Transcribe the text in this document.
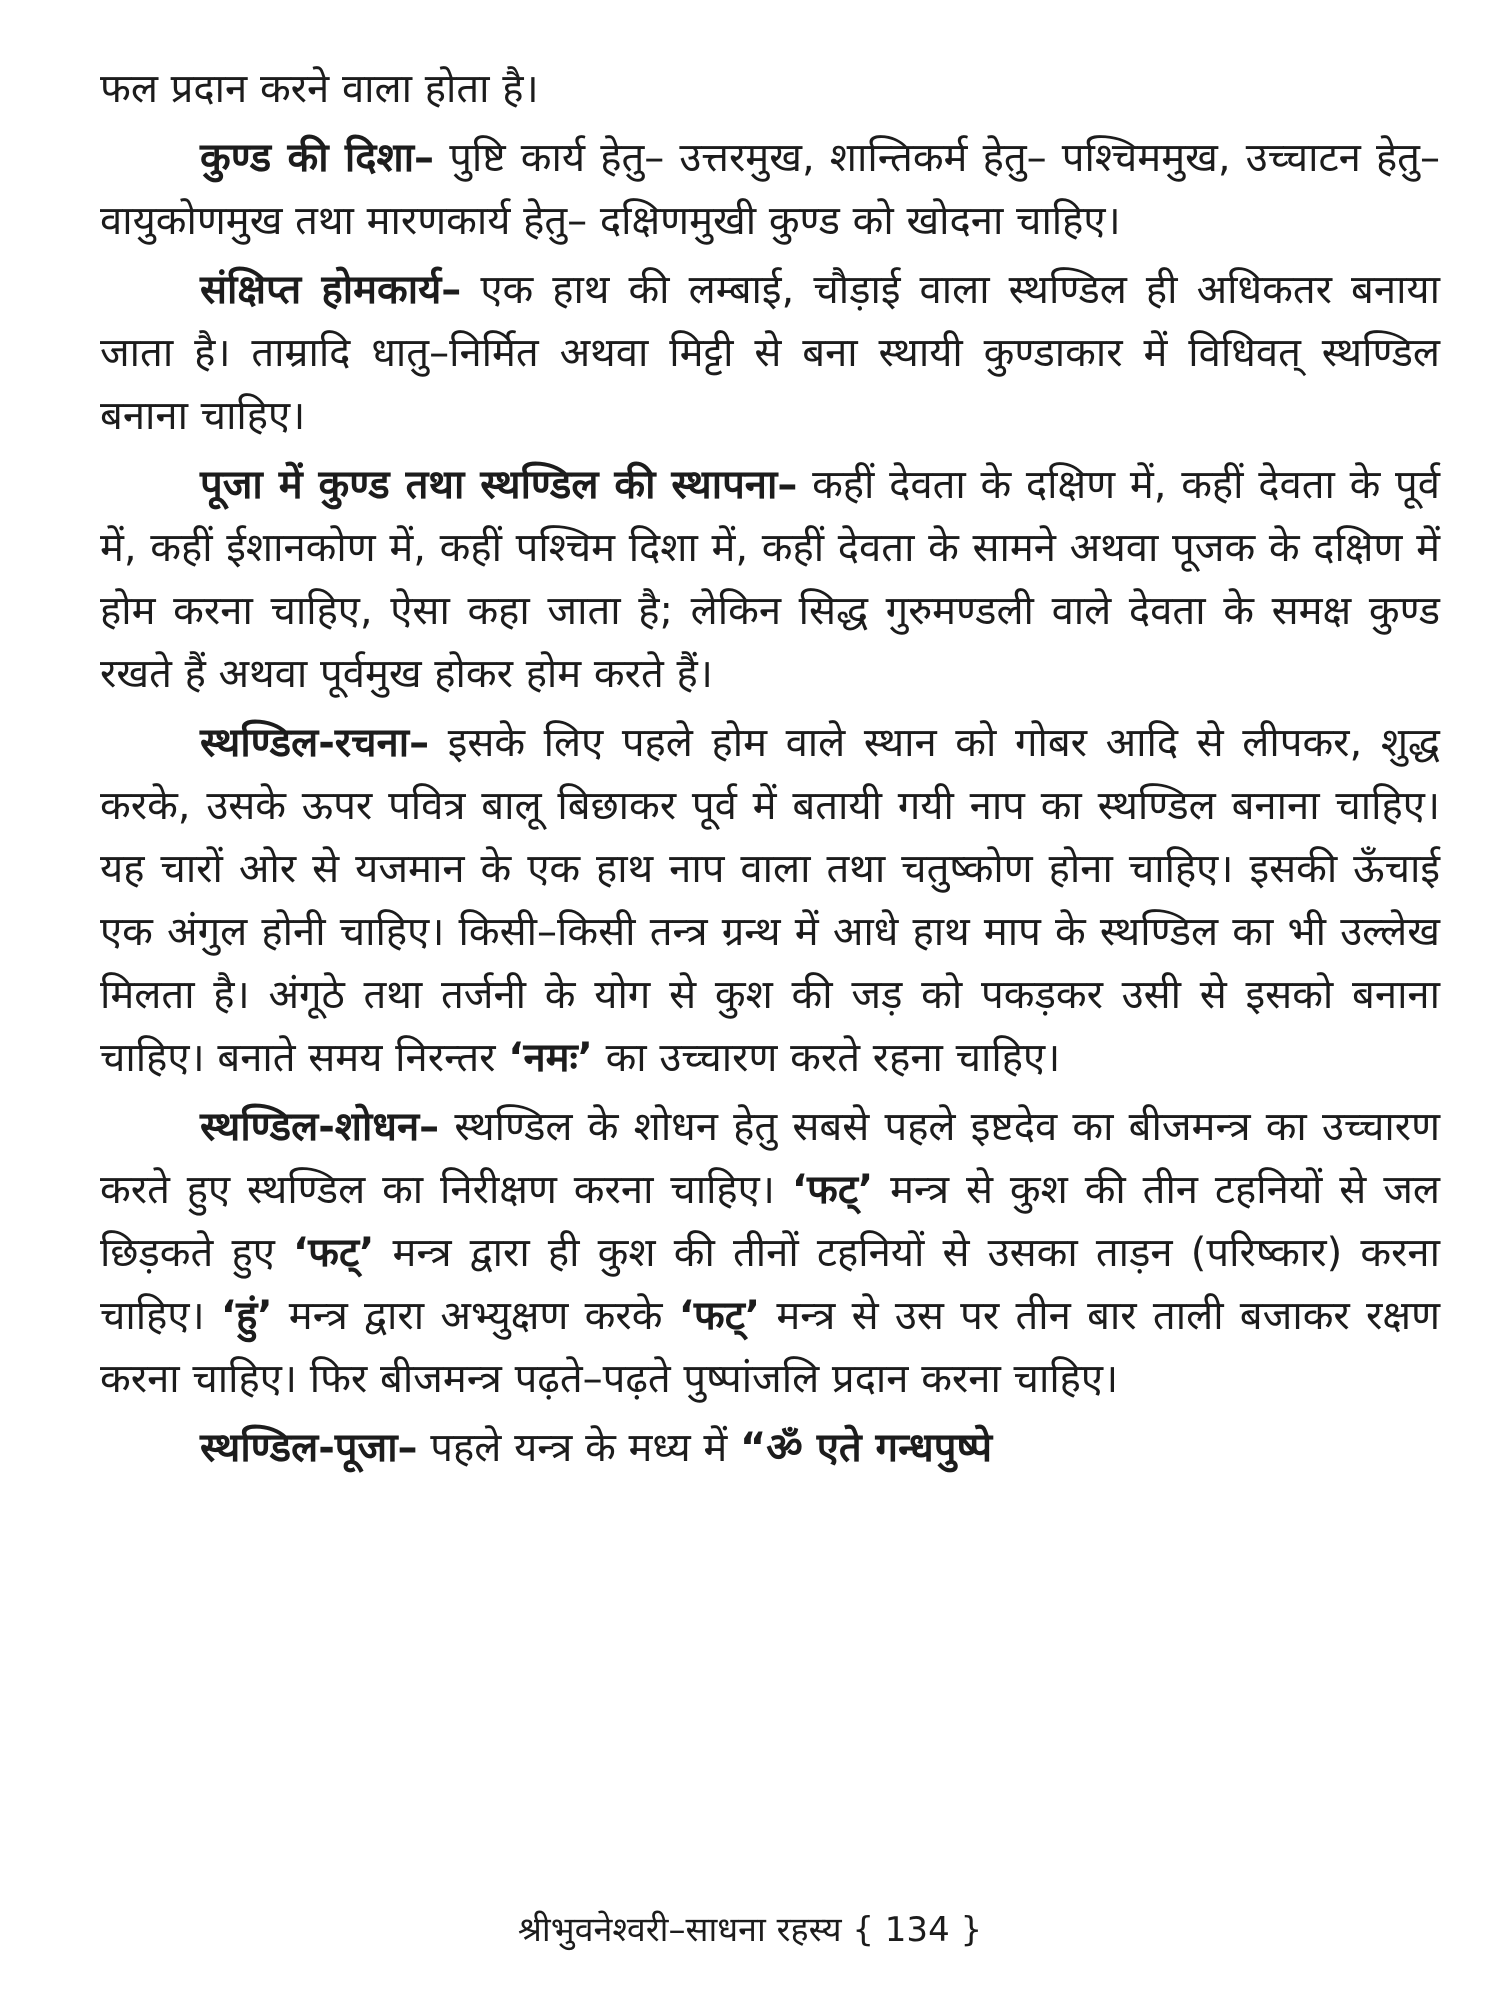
फल प्रदान करने वाला होता है।

कुण्ड की दिशा– पुष्टि कार्य हेतु– उत्तरमुख, शान्तिकर्म हेतु– पश्चिममुख, उच्चाटन हेतु– वायुकोणमुख तथा मारणकार्य हेतु– दक्षिणमुखी कुण्ड को खोदना चाहिए।

संक्षिप्त होमकार्य– एक हाथ की लम्बाई, चौड़ाई वाला स्थण्डिल ही अधिकतर बनाया जाता है। ताम्रादि धातु–निर्मित अथवा मिट्टी से बना स्थायी कुण्डाकार में विधिवत् स्थण्डिल बनाना चाहिए।

पूजा में कुण्ड तथा स्थण्डिल की स्थापना– कहीं देवता के दक्षिण में, कहीं देवता के पूर्व में, कहीं ईशानकोण में, कहीं पश्चिम दिशा में, कहीं देवता के सामने अथवा पूजक के दक्षिण में होम करना चाहिए, ऐसा कहा जाता है; लेकिन सिद्ध गुरुमण्डली वाले देवता के समक्ष कुण्ड रखते हैं अथवा पूर्वमुख होकर होम करते हैं।

स्थण्डिल-रचना– इसके लिए पहले होम वाले स्थान को गोबर आदि से लीपकर, शुद्ध करके, उसके ऊपर पवित्र बालू बिछाकर पूर्व में बतायी गयी नाप का स्थण्डिल बनाना चाहिए। यह चारों ओर से यजमान के एक हाथ नाप वाला तथा चतुष्कोण होना चाहिए। इसकी ऊँचाई एक अंगुल होनी चाहिए। किसी–किसी तन्त्र ग्रन्थ में आधे हाथ माप के स्थण्डिल का भी उल्लेख मिलता है। अंगूठे तथा तर्जनी के योग से कुश की जड़ को पकड़कर उसी से इसको बनाना चाहिए। बनाते समय निरन्तर ‘नमः’ का उच्चारण करते रहना चाहिए।

स्थण्डिल-शोधन– स्थण्डिल के शोधन हेतु सबसे पहले इष्टदेव का बीजमन्त्र का उच्चारण करते हुए स्थण्डिल का निरीक्षण करना चाहिए। ‘फट्’ मन्त्र से कुश की तीन टहनियों से जल छिड़कते हुए ‘फट्’ मन्त्र द्वारा ही कुश की तीनों टहनियों से उसका ताड़न (परिष्कार) करना चाहिए। ‘हुं’ मन्त्र द्वारा अभ्युक्षण करके ‘फट्’ मन्त्र से उस पर तीन बार ताली बजाकर रक्षण करना चाहिए। फिर बीजमन्त्र पढ़ते–पढ़ते पुष्पांजलि प्रदान करना चाहिए।

स्थण्डिल-पूजा– पहले यन्त्र के मध्य में “ॐ एते गन्धपुष्पे

श्रीभुवनेश्वरी–साधना रहस्य { 134 }
